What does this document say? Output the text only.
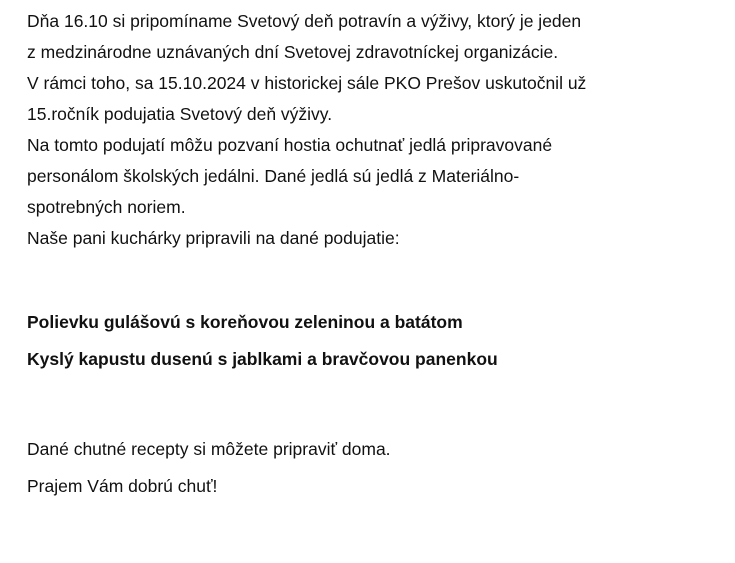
Dňa 16.10 si pripomíname Svetový deň potravín a výživy, ktorý je jeden
z medzinárodne uznávaných dní Svetovej zdravotníckej organizácie.
V rámci toho, sa 15.10.2024 v historickej sále PKO Prešov uskutočnil už
15.ročník podujatia Svetový deň výživy.
Na tomto podujatí môžu pozvaní hostia ochutnať jedlá pripravované
personálom školských jedálni. Dané jedlá sú jedlá z Materiálno-
spotrebných noriem.
Naše pani kuchárky pripravili na dané podujatie:
Polievku gulášovú s koreňovou zeleninou a batátom
Kyslý kapustu dusenú s jablkami a bravčovou panenkou
Dané chutné recepty si môžete pripraviť doma.
Prajem Vám dobrú chuť!
